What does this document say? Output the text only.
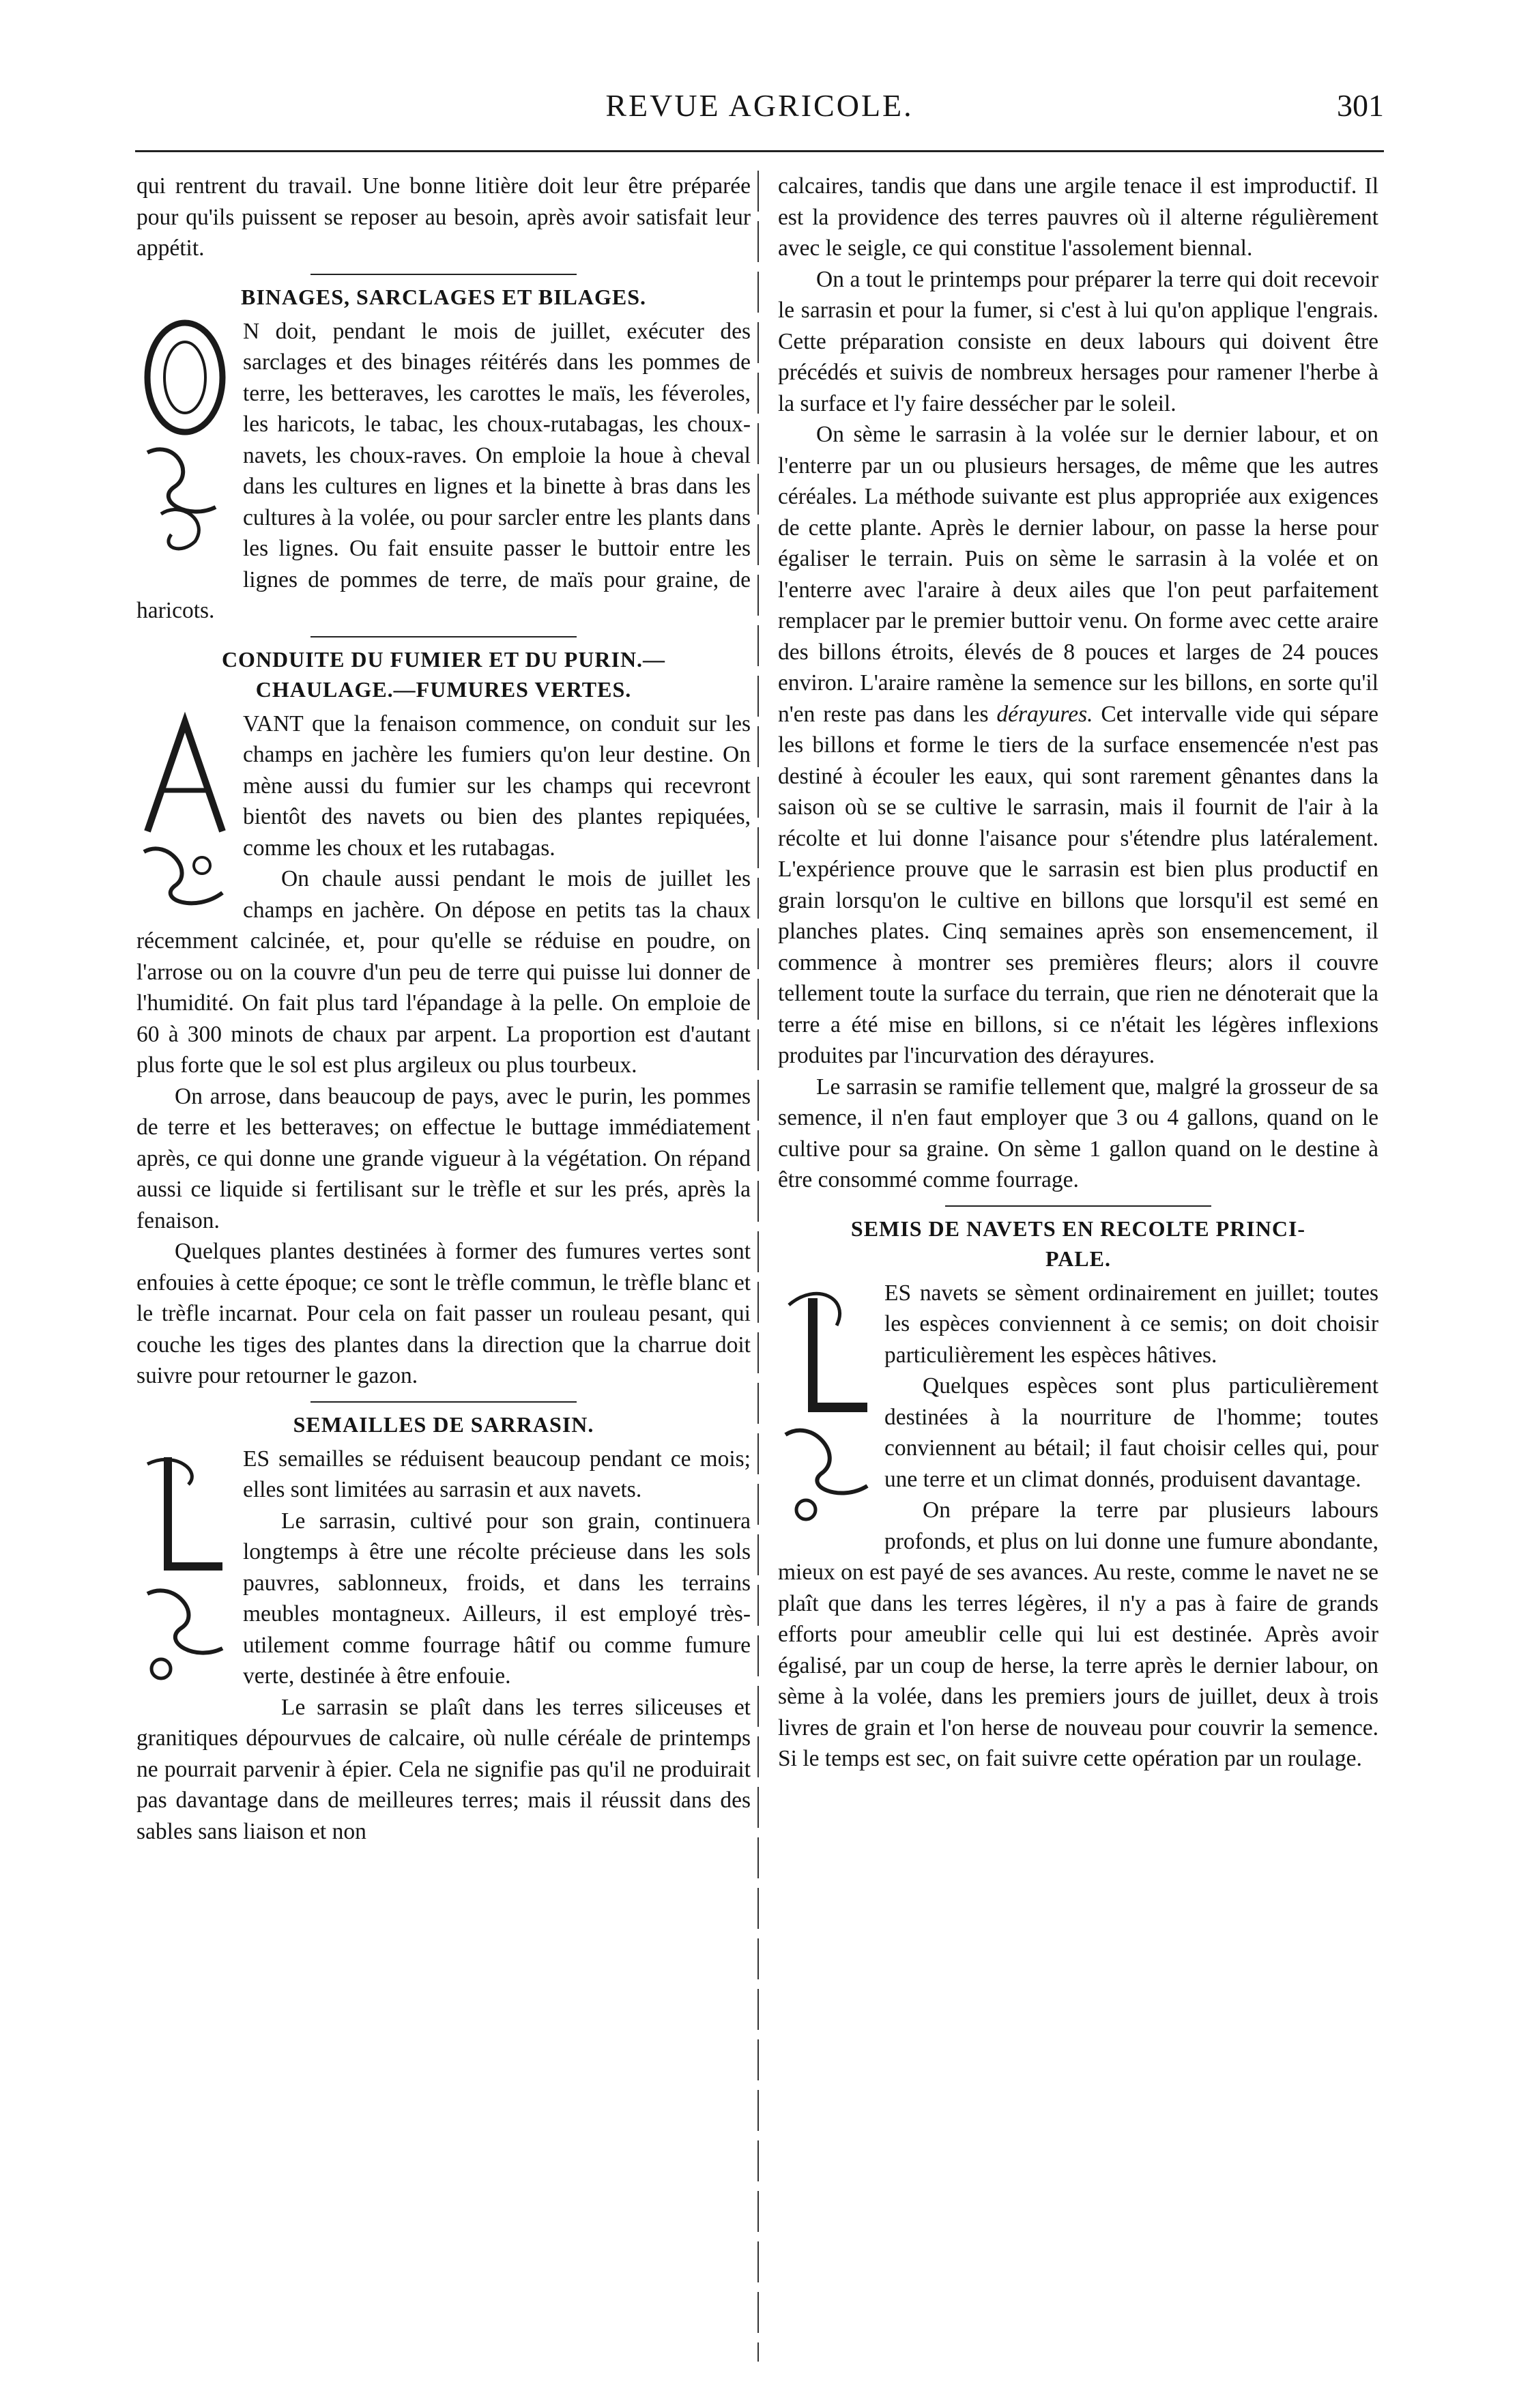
REVUE AGRICOLE.	301

qui rentrent du travail. Une bonne litière doit leur être préparée pour qu'ils puissent se reposer au besoin, après avoir satisfait leur appétit.

BINAGES, SARCLAGES ET BILAGES.

N doit, pendant le mois de juillet, exécuter des sarclages et des binages réitérés dans les pommes de terre, les betteraves, les carottes le maïs, les féveroles, les haricots, le tabac, les choux-rutabagas, les choux-navets, les choux-raves. On emploie la houe à cheval dans les cultures en lignes et la binette à bras dans les cultures à la volée, ou pour sarcler entre les plants dans les lignes. Ou fait ensuite passer le buttoir entre les lignes de pommes de terre, de maïs pour graine, de haricots.

CONDUITE DU FUMIER ET DU PURIN.—
CHAULAGE.—FUMURES VERTES.

VANT que la fenaison commence, on conduit sur les champs en jachère les fumiers qu'on leur destine. On mène aussi du fumier sur les champs qui recevront bientôt des navets ou bien des plantes repiquées, comme les choux et les rutabagas.

On chaule aussi pendant le mois de juillet les champs en jachère. On dépose en petits tas la chaux récemment calcinée, et, pour qu'elle se réduise en poudre, on l'arrose ou on la couvre d'un peu de terre qui puisse lui donner de l'humidité. On fait plus tard l'épandage à la pelle. On emploie de 60 à 300 minots de chaux par arpent. La proportion est d'autant plus forte que le sol est plus argileux ou plus tourbeux.

On arrose, dans beaucoup de pays, avec le purin, les pommes de terre et les betteraves; on effectue le buttage immédiatement après, ce qui donne une grande vigueur à la végétation. On répand aussi ce liquide si fertilisant sur le trèfle et sur les prés, après la fenaison.

Quelques plantes destinées à former des fumures vertes sont enfouies à cette époque; ce sont le trèfle commun, le trèfle blanc et le trèfle incarnat. Pour cela on fait passer un rouleau pesant, qui couche les tiges des plantes dans la direction que la charrue doit suivre pour retourner le gazon.

SEMAILLES DE SARRASIN.

ES semailles se réduisent beaucoup pendant ce mois; elles sont limitées au sarrasin et aux navets.

Le sarrasin, cultivé pour son grain, continuera longtemps à être une récolte précieuse dans les sols pauvres, sablonneux, froids, et dans les terrains meubles montagneux. Ailleurs, il est employé très-utilement comme fourrage hâtif ou comme fumure verte, destinée à être enfouie.

Le sarrasin se plaît dans les terres siliceuses et granitiques dépourvues de calcaire, où nulle céréale de printemps ne pourrait parvenir à épier. Cela ne signifie pas qu'il ne produirait pas davantage dans de meilleures terres; mais il réussit dans des sables sans liaison et non

calcaires, tandis que dans une argile tenace il est improductif. Il est la providence des terres pauvres où il alterne régulièrement avec le seigle, ce qui constitue l'assolement biennal.

On a tout le printemps pour préparer la terre qui doit recevoir le sarrasin et pour la fumer, si c'est à lui qu'on applique l'engrais. Cette préparation consiste en deux labours qui doivent être précédés et suivis de nombreux hersages pour ramener l'herbe à la surface et l'y faire dessécher par le soleil.

On sème le sarrasin à la volée sur le dernier labour, et on l'enterre par un ou plusieurs hersages, de même que les autres céréales. La méthode suivante est plus appropriée aux exigences de cette plante. Après le dernier labour, on passe la herse pour égaliser le terrain. Puis on sème le sarrasin à la volée et on l'enterre avec l'araire à deux ailes que l'on peut parfaitement remplacer par le premier buttoir venu. On forme avec cette araire des billons étroits, élevés de 8 pouces et larges de 24 pouces environ. L'araire ramène la semence sur les billons, en sorte qu'il n'en reste pas dans les dérayures. Cet intervalle vide qui sépare les billons et forme le tiers de la surface ensemencée n'est pas destiné à écouler les eaux, qui sont rarement gênantes dans la saison où se se cultive le sarrasin, mais il fournit de l'air à la récolte et lui donne l'aisance pour s'étendre plus latéralement. L'expérience prouve que le sarrasin est bien plus productif en grain lorsqu'on le cultive en billons que lorsqu'il est semé en planches plates. Cinq semaines après son ensemencement, il commence à montrer ses premières fleurs; alors il couvre tellement toute la surface du terrain, que rien ne dénoterait que la terre a été mise en billons, si ce n'était les légères inflexions produites par l'incurvation des dérayures.

Le sarrasin se ramifie tellement que, malgré la grosseur de sa semence, il n'en faut employer que 3 ou 4 gallons, quand on le cultive pour sa graine. On sème 1 gallon quand on le destine à être consommé comme fourrage.

SEMIS DE NAVETS EN RECOLTE PRINCI-
PALE.

ES navets se sèment ordinairement en juillet; toutes les espèces conviennent à ce semis; on doit choisir particulièrement les espèces hâtives.

Quelques espèces sont plus particulièrement destinées à la nourriture de l'homme; toutes conviennent au bétail; il faut choisir celles qui, pour une terre et un climat donnés, produisent davantage.

On prépare la terre par plusieurs labours profonds, et plus on lui donne une fumure abondante, mieux on est payé de ses avances. Au reste, comme le navet ne se plaît que dans les terres légères, il n'y a pas à faire de grands efforts pour ameublir celle qui lui est destinée. Après avoir égalisé, par un coup de herse, la terre après le dernier labour, on sème à la volée, dans les premiers jours de juillet, deux à trois livres de grain et l'on herse de nouveau pour couvrir la semence. Si le temps est sec, on fait suivre cette opération par un roulage.
